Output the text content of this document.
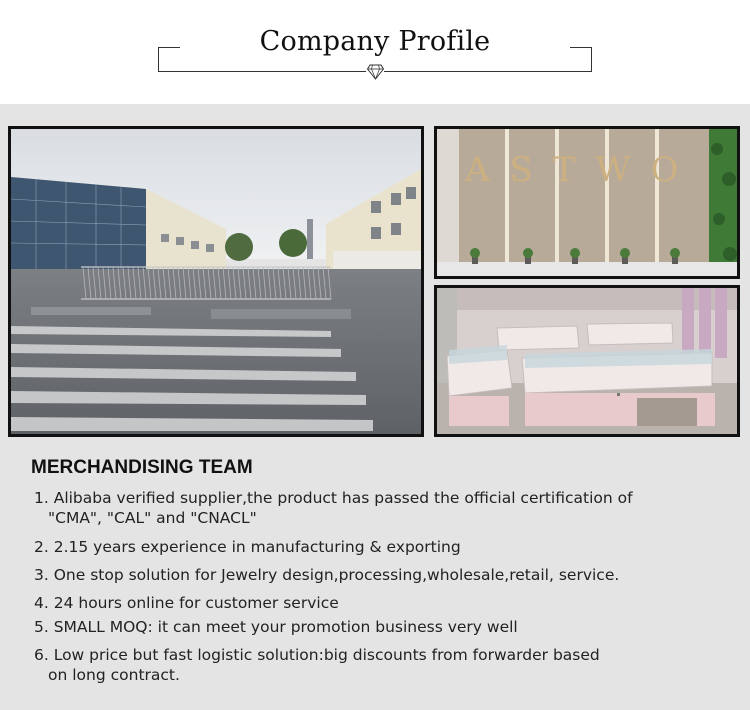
Company Profile
ASTWO
MERCHANDISING TEAM
1. Alibaba verified supplier,the product has passed the official certification of
"CMA", "CAL" and "CNACL"
2. 2.15 years experience in manufacturing & exporting
3. One stop solution for Jewelry design,processing,wholesale,retail, service.
4. 24 hours online for customer service
5. SMALL MOQ: it can meet your promotion business very well
6. Low price but fast logistic solution:big discounts from forwarder based
on long contract.
